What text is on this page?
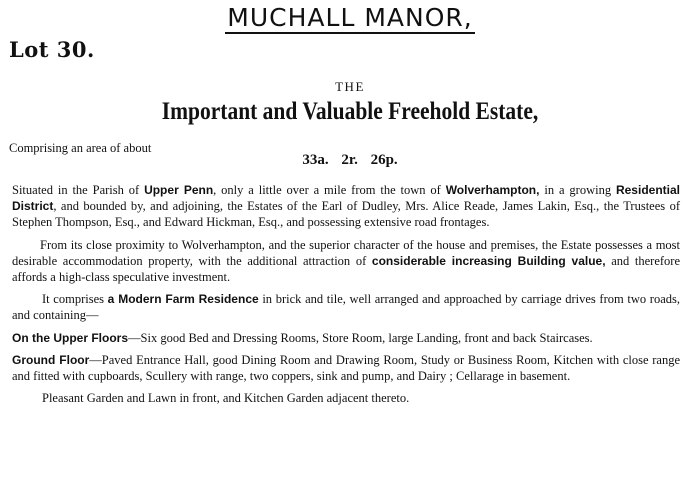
MUCHALL MANOR,
Lot 30.
THE
Important and Valuable Freehold Estate,
Comprising an area of about
33a. 2r. 26p.

Situated in the Parish of Upper Penn, only a little over a mile from the town of Wolverhampton, in a growing Residential District, and bounded by, and adjoining, the Estates of the Earl of Dudley, Mrs. Alice Reade, James Lakin, Esq., the Trustees of Stephen Thompson, Esq., and Edward Hickman, Esq., and possessing extensive road frontages.

From its close proximity to Wolverhampton, and the superior character of the house and premises, the Estate possesses a most desirable accommodation property, with the additional attraction of considerable increasing Building value, and therefore affords a high-class speculative investment.

It comprises a Modern Farm Residence in brick and tile, well arranged and approached by carriage drives from two roads, and containing—

On the Upper Floors—Six good Bed and Dressing Rooms, Store Room, large Landing, front and back Staircases.

Ground Floor—Paved Entrance Hall, good Dining Room and Drawing Room, Study or Business Room, Kitchen with close range and fitted with cupboards, Scullery with range, two coppers, sink and pump, and Dairy ; Cellarage in basement.

Pleasant Garden and Lawn in front, and Kitchen Garden adjacent thereto.
